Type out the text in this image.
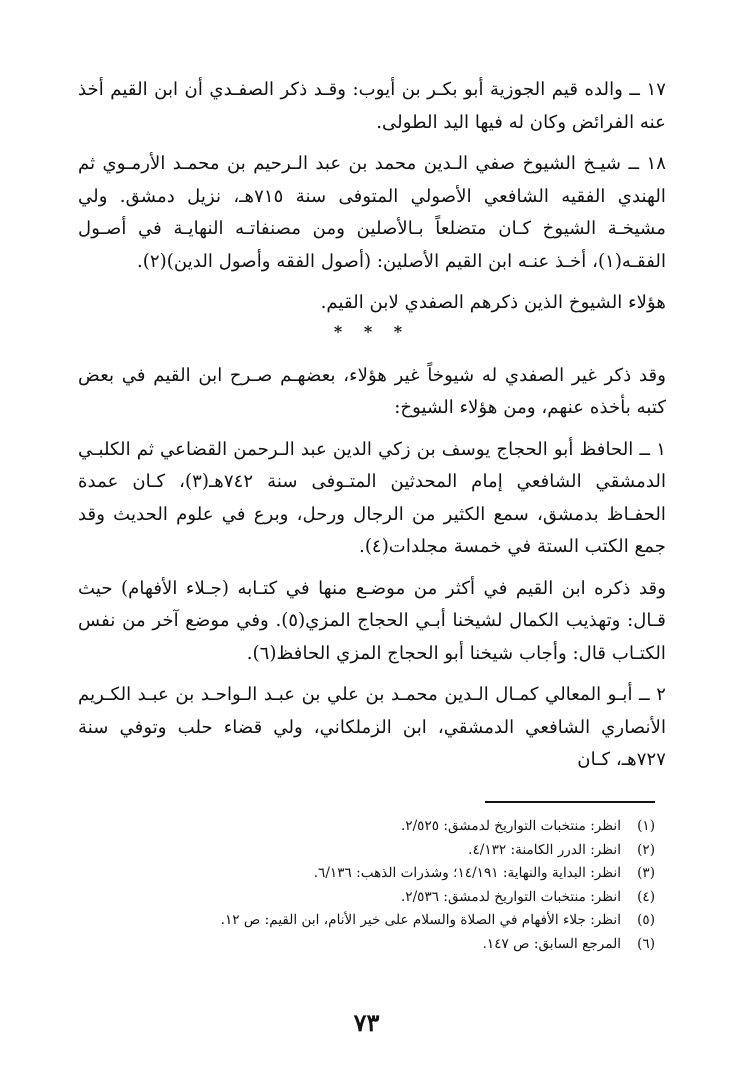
١٧ ــ والده قيم الجوزية أبو بكـر بن أيوب: وقـد ذكر الصفـدي أن ابن القيم أخذ عنه الفرائض وكان له فيها اليد الطولى.

١٨ ــ شيـخ الشيوخ صفي الـدين محمد بن عبد الـرحيم بن محمـد الأرمـوي ثم الهندي الفقيه الشافعي الأصولي المتوفى سنة ٧١٥هـ، نزيل دمشق. ولي مشيخـة الشيوخ كـان متضلعاً بـالأصلين ومن مصنفاتـه النهايـة في أصـول الفقـه(١)، أخـذ عنـه ابن القيم الأصلين: (أصول الفقه وأصول الدين)(٢).

هؤلاء الشيوخ الذين ذكرهم الصفدي لابن القيم.

* * *

وقد ذكر غير الصفدي له شيوخاً غير هؤلاء، بعضهـم صـرح ابن القيم في بعض كتبه بأخذه عنهم، ومن هؤلاء الشيوخ:

١ ــ الحافظ أبو الحجاج يوسف بن زكي الدين عبد الـرحمن القضاعي ثم الكلبـي الدمشقي الشافعي إمام المحدثين المتـوفى سنة ٧٤٢هـ(٣)، كـان عمدة الحفـاظ بدمشق، سمع الكثير من الرجال ورحل، وبرع في علوم الحديث وقد جمع الكتب الستة في خمسة مجلدات(٤).

وقد ذكره ابن القيم في أكثر من موضـع منها في كتـابه (جـلاء الأفهام) حيث قـال: وتهذيب الكمال لشيخنا أبـي الحجاج المزي(٥). وفي موضع آخر من نفس الكتـاب قال: وأجاب شيخنا أبو الحجاج المزي الحافظ(٦).

٢ ــ أبـو المعالي كمـال الـدين محمـد بن علي بن عبـد الـواحـد بن عبـد الكـريم الأنصاري الشافعي الدمشقي، ابن الزملكاني، ولي قضاء حلب وتوفي سنة ٧٢٧هـ، كـان

(١)انظر: منتخبات التواريخ لدمشق: ٢/٥٢٥.
(٢)انظر: الدرر الكامنة: ٤/١٣٢.
(٣)انظر: البداية والنهاية: ١٤/١٩١؛ وشذرات الذهب: ٦/١٣٦.
(٤)انظر: منتخبات التواريخ لدمشق: ٢/٥٣٦.
(٥)انظر: جلاء الأفهام في الصلاة والسلام على خير الأنام، ابن القيم: ص ١٢.
(٦)المرجع السابق: ص ١٤٧.
٧٣
